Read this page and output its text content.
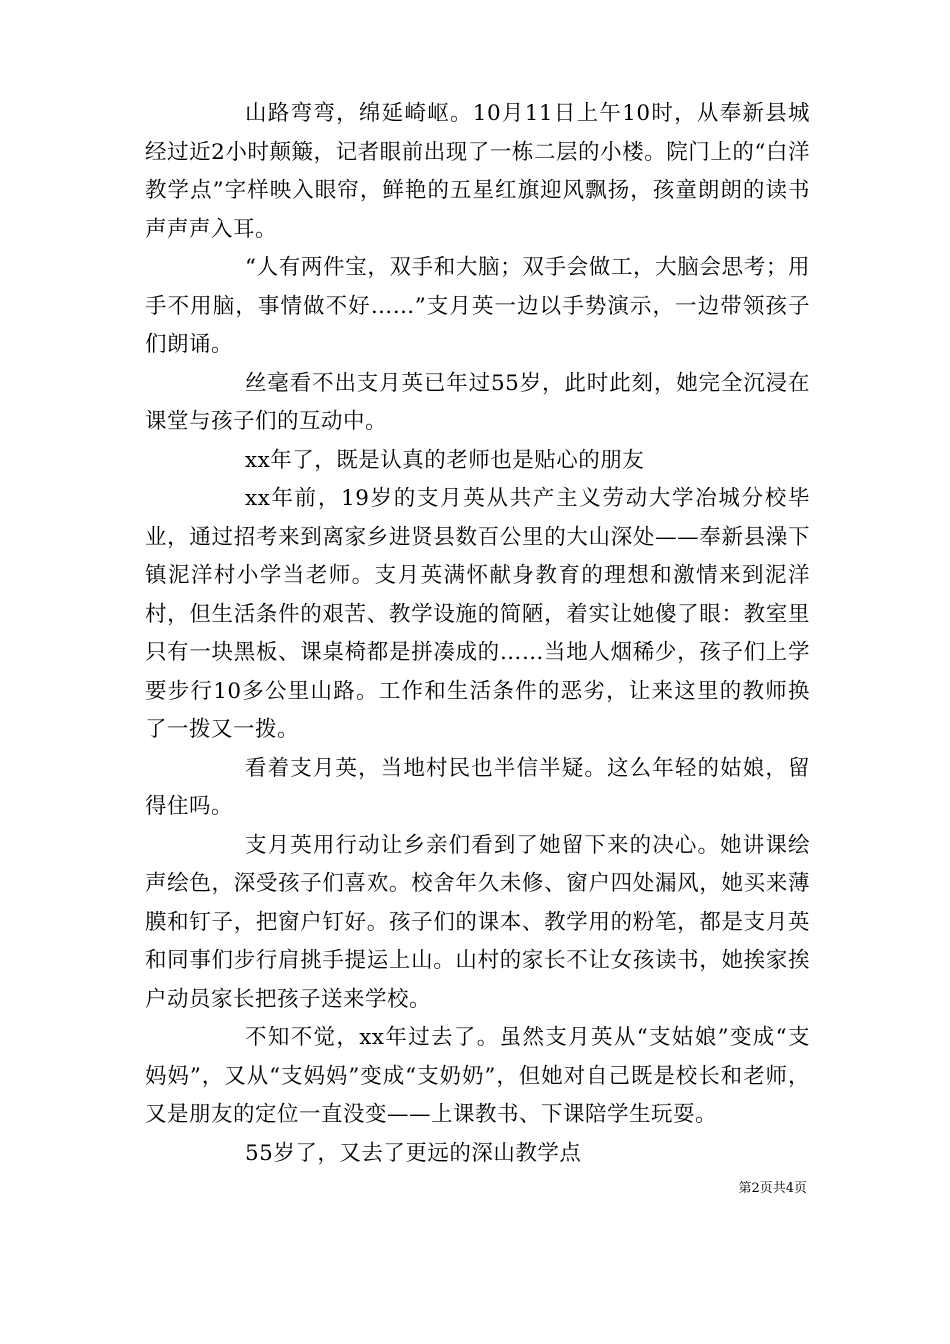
山路弯弯，绵延崎岖。10月11日上午10时，从奉新县城经过近2小时颠簸，记者眼前出现了一栋二层的小楼。院门上的“白洋教学点”字样映入眼帘，鲜艳的五星红旗迎风飘扬，孩童朗朗的读书声声声入耳。

“人有两件宝，双手和大脑；双手会做工，大脑会思考；用手不用脑，事情做不好……”支月英一边以手势演示，一边带领孩子们朗诵。

丝毫看不出支月英已年过55岁，此时此刻，她完全沉浸在课堂与孩子们的互动中。

xx年了，既是认真的老师也是贴心的朋友

xx年前，19岁的支月英从共产主义劳动大学冶城分校毕业，通过招考来到离家乡进贤县数百公里的大山深处——奉新县澡下镇泥洋村小学当老师。支月英满怀献身教育的理想和激情来到泥洋村，但生活条件的艰苦、教学设施的简陋，着实让她傻了眼：教室里只有一块黑板、课桌椅都是拼凑成的……当地人烟稀少，孩子们上学要步行10多公里山路。工作和生活条件的恶劣，让来这里的教师换了一拨又一拨。

看着支月英，当地村民也半信半疑。这么年轻的姑娘，留得住吗。

支月英用行动让乡亲们看到了她留下来的决心。她讲课绘声绘色，深受孩子们喜欢。校舍年久未修、窗户四处漏风，她买来薄膜和钉子，把窗户钉好。孩子们的课本、教学用的粉笔，都是支月英和同事们步行肩挑手提运上山。山村的家长不让女孩读书，她挨家挨户动员家长把孩子送来学校。

不知不觉，xx年过去了。虽然支月英从“支姑娘”变成“支妈妈”，又从“支妈妈”变成“支奶奶”，但她对自己既是校长和老师，又是朋友的定位一直没变——上课教书、下课陪学生玩耍。

55岁了，又去了更远的深山教学点

第2页共4页
